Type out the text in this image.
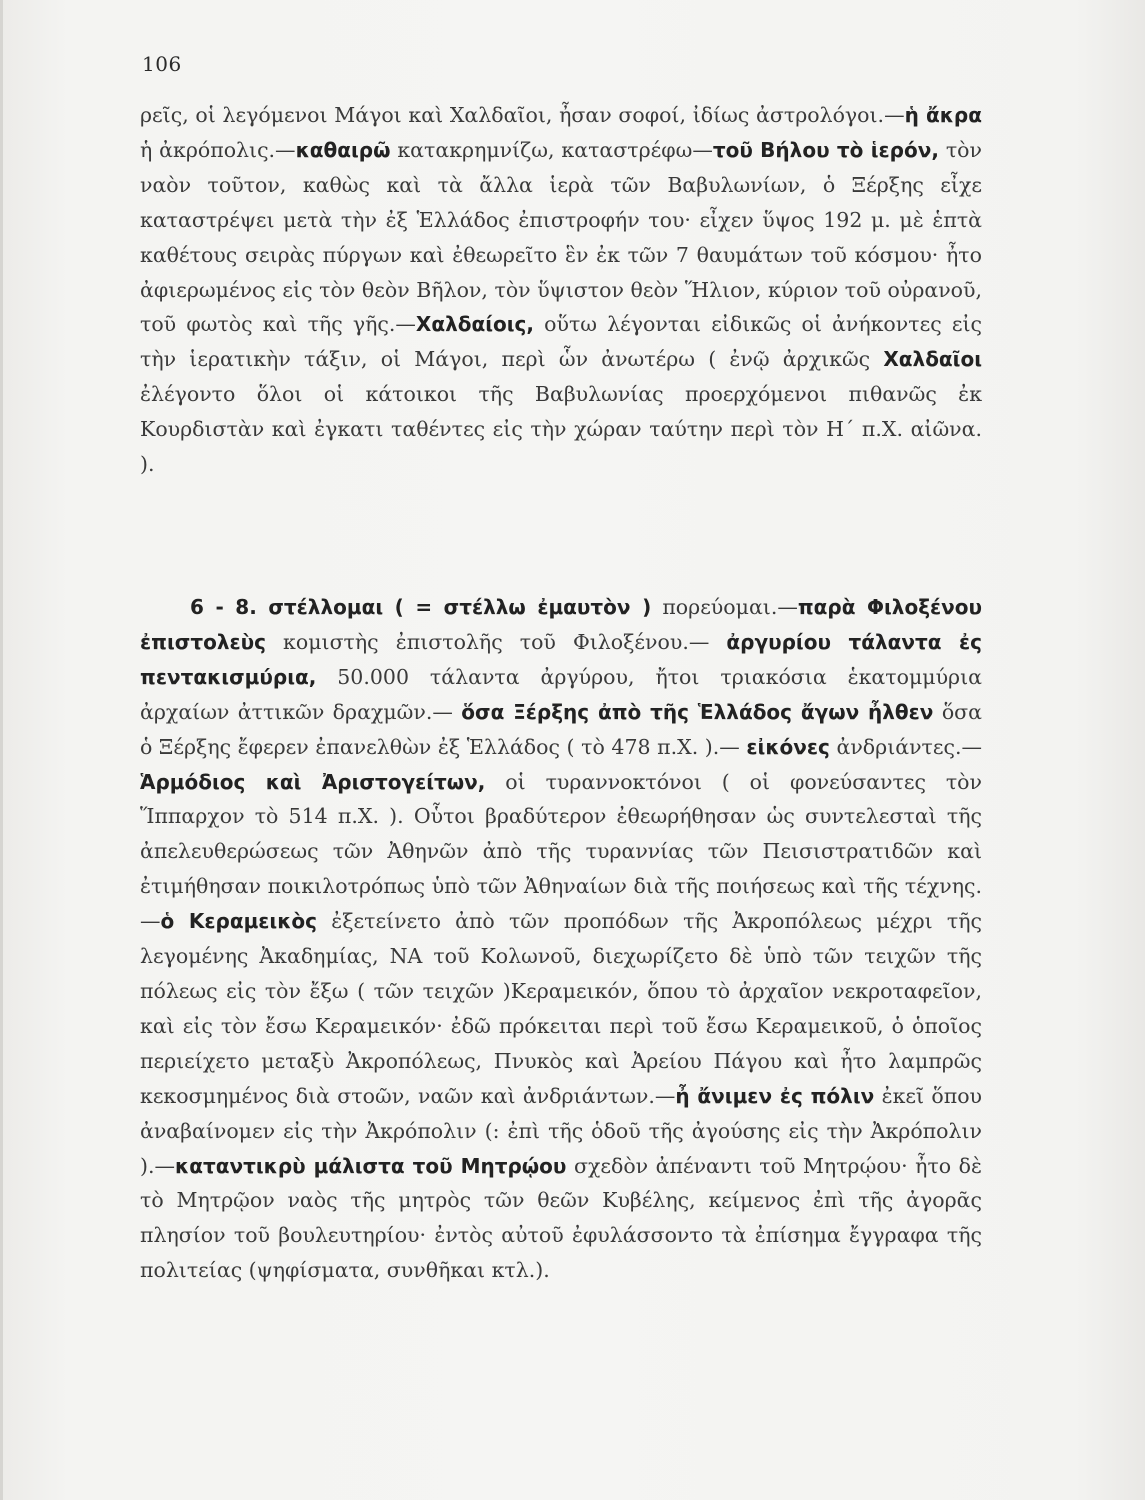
106

ρεῖς, οἱ λεγόμενοι Μάγοι καὶ Χαλδαῖοι, ἦσαν σοφοί, ἰδίως ἀστρολόγοι.—ἡ ἄκρα ἡ ἀκρόπολις.—καθαιρῶ κατακρημνίζω, καταστρέφω—τοῦ Βήλου τὸ ἱερόν, τὸν ναὸν τοῦτον, καθὼς καὶ τὰ ἄλλα ἱερὰ τῶν Βαβυλωνίων, ὁ Ξέρξης εἶχε καταστρέψει μετὰ τὴν ἐξ Ἑλλάδος ἐπιστροφήν του· εἶχεν ὕψος 192 μ. μὲ ἑπτὰ καθέτους σειρὰς πύργων καὶ ἐθεωρεῖτο ἓν ἐκ τῶν 7 θαυμάτων τοῦ κόσμου· ἦτο ἀφιερωμένος εἰς τὸν θεὸν Βῆλον, τὸν ὕψιστον θεὸν Ἥλιον, κύριον τοῦ οὐρανοῦ, τοῦ φωτὸς καὶ τῆς γῆς.—Χαλδαίοις, οὕτω λέγονται εἰδικῶς οἱ ἀνήκοντες εἰς τὴν ἱερατικὴν τάξιν, οἱ Μάγοι, περὶ ὧν ἀνωτέρω ( ἐνῷ ἀρχικῶς Χαλδαῖοι ἐλέγοντο ὅλοι οἱ κάτοικοι τῆς Βαβυλωνίας προερχόμενοι πιθανῶς ἐκ Κουρδιστὰν καὶ ἐγκατι ταθέντες εἰς τὴν χώραν ταύτην περὶ τὸν Η΄ π.Χ. αἰῶνα. ).

6 - 8. στέλλομαι ( = στέλλω ἐμαυτὸν ) πορεύομαι.—παρὰ Φιλοξένου ἐπιστολεὺς κομιστὴς ἐπιστολῆς τοῦ Φιλοξένου.— ἀργυρίου τάλαντα ἐς πεντακισμύρια, 50.000 τάλαντα ἀργύρου, ἤτοι τριακόσια ἑκατομμύρια ἀρχαίων ἀττικῶν δραχμῶν.— ὅσα Ξέρξης ἀπὸ τῆς Ἑλλάδος ἄγων ἦλθεν ὅσα ὁ Ξέρξης ἔφερεν ἐπανελθὼν ἐξ Ἑλλάδος ( τὸ 478 π.Χ. ).— εἰκόνες ἀνδριάντες.— Ἁρμόδιος καὶ Ἀριστογείτων, οἱ τυραννοκτόνοι ( οἱ φονεύσαντες τὸν Ἵππαρχον τὸ 514 π.Χ. ). Οὗτοι βραδύτερον ἐθεωρήθησαν ὡς συντελεσταὶ τῆς ἀπελευθερώσεως τῶν Ἀθηνῶν ἀπὸ τῆς τυραννίας τῶν Πεισιστρατιδῶν καὶ ἐτιμήθησαν ποικιλοτρόπως ὑπὸ τῶν Ἀθηναίων διὰ τῆς ποιήσεως καὶ τῆς τέχνης. —ὁ Κεραμεικὸς ἐξετείνετο ἀπὸ τῶν προπόδων τῆς Ἀκροπόλεως μέχρι τῆς λεγομένης Ἀκαδημίας, ΝΑ τοῦ Κολωνοῦ, διεχωρίζετο δὲ ὑπὸ τῶν τειχῶν τῆς πόλεως εἰς τὸν ἔξω ( τῶν τειχῶν )Κεραμεικόν, ὅπου τὸ ἀρχαῖον νεκροταφεῖον, καὶ εἰς τὸν ἔσω Κεραμεικόν· ἐδῶ πρόκειται περὶ τοῦ ἔσω Κεραμεικοῦ, ὁ ὁποῖος περιείχετο μεταξὺ Ἀκροπόλεως, Πνυκὸς καὶ Ἀρείου Πάγου καὶ ἦτο λαμπρῶς κεκοσμημένος διὰ στοῶν, ναῶν καὶ ἀνδριάντων.—ἦ ἄνιμεν ἐς πόλιν ἐκεῖ ὅπου ἀναβαίνομεν εἰς τὴν Ἀκρόπολιν (: ἐπὶ τῆς ὁδοῦ τῆς ἀγούσης εἰς τὴν Ἀκρόπολιν ).—καταντικρὺ μάλιστα τοῦ Μητρῴου σχεδὸν ἀπέναντι τοῦ Μητρῴου· ἦτο δὲ τὸ Μητρῷον ναὸς τῆς μητρὸς τῶν θεῶν Κυβέλης, κείμενος ἐπὶ τῆς ἀγορᾶς πλησίον τοῦ βουλευτηρίου· ἐντὸς αὐτοῦ ἐφυλάσσοντο τὰ ἐπίσημα ἔγγραφα τῆς πολιτείας (ψηφίσματα, συνθῆκαι κτλ.).
